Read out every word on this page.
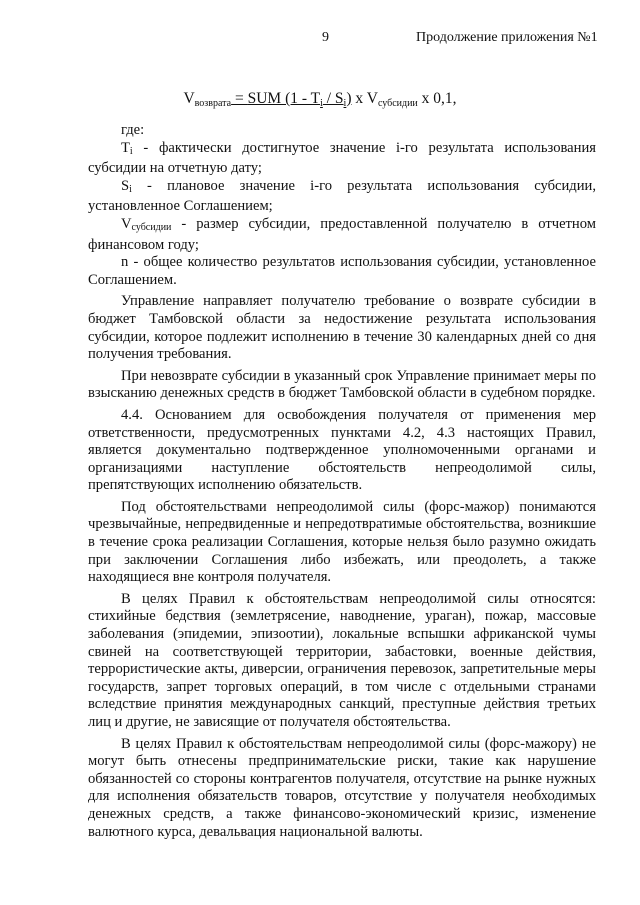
9	Продолжение приложения №1
$V_{возврата}$ = SUM $(1 - T_i / S_i)$ x $V_{субсидии}$ x 0,1,

где:

$T_i$ - фактически достигнутое значение i-го результата использования субсидии на отчетную дату;

$S_i$ - плановое значение i-го результата использования субсидии, установленное Соглашением;

$V_{субсидии}$ - размер субсидии, предоставленной получателю в отчетном финансовом году;

n - общее количество результатов использования субсидии, установленное Соглашением.

Управление направляет получателю требование о возврате субсидии в бюджет Тамбовской области за недостижение результата использования субсидии, которое подлежит исполнению в течение 30 календарных дней со дня получения требования.

При невозврате субсидии в указанный срок Управление принимает меры по взысканию денежных средств в бюджет Тамбовской области в судебном порядке.

4.4. Основанием для освобождения получателя от применения мер ответственности, предусмотренных пунктами 4.2, 4.3 настоящих Правил, является документально подтвержденное уполномоченными органами и организациями наступление обстоятельств непреодолимой силы, препятствующих исполнению обязательств.

Под обстоятельствами непреодолимой силы (форс-мажор) понимаются чрезвычайные, непредвиденные и непредотвратимые обстоятельства, возникшие в течение срока реализации Соглашения, которые нельзя было разумно ожидать при заключении Соглашения либо избежать, или преодолеть, а также находящиеся вне контроля получателя.

В целях Правил к обстоятельствам непреодолимой силы относятся: стихийные бедствия (землетрясение, наводнение, ураган), пожар, массовые заболевания (эпидемии, эпизоотии), локальные вспышки африканской чумы свиней на соответствующей территории, забастовки, военные действия, террористические акты, диверсии, ограничения перевозок, запретительные меры государств, запрет торговых операций, в том числе с отдельными странами вследствие принятия международных санкций, преступные действия третьих лиц и другие, не зависящие от получателя обстоятельства.

В целях Правил к обстоятельствам непреодолимой силы (форс-мажору) не могут быть отнесены предпринимательские риски, такие как нарушение обязанностей со стороны контрагентов получателя, отсутствие на рынке нужных для исполнения обязательств товаров, отсутствие у получателя необходимых денежных средств, а также финансово-экономический кризис, изменение валютного курса, девальвация национальной валюты.
